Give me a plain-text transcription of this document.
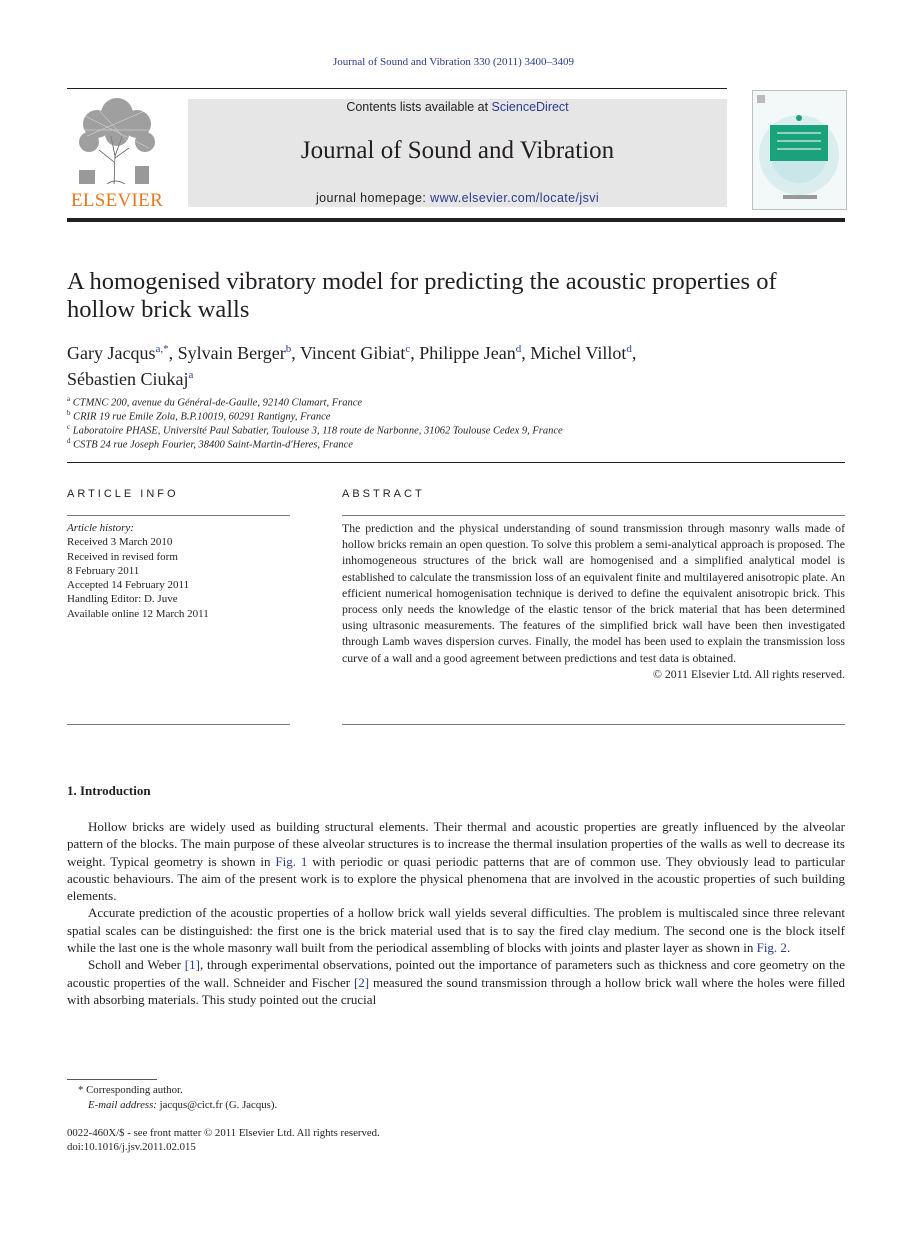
Journal of Sound and Vibration 330 (2011) 3400–3409
ELSEVIER
Contents lists available at ScienceDirect
Journal of Sound and Vibration
journal homepage: www.elsevier.com/locate/jsvi
A homogenised vibratory model for predicting the acoustic properties of hollow brick walls
Gary Jacqus$^{a,*}$, Sylvain Berger$^b$, Vincent Gibiat$^c$, Philippe Jean$^d$, Michel Villot$^d$,
Sébastien Ciukaj$^a$
$^a$ CTMNC 200, avenue du Général-de-Gaulle, 92140 Clamart, France
$^b$ CRIR 19 rue Emile Zola, B.P.10019, 60291 Rantigny, France
$^c$ Laboratoire PHASE, Université Paul Sabatier, Toulouse 3, 118 route de Narbonne, 31062 Toulouse Cedex 9, France
$^d$ CSTB 24 rue Joseph Fourier, 38400 Saint-Martin-d'Heres, France
ARTICLE INFO
Article history:
Received 3 March 2010
Received in revised form
8 February 2011
Accepted 14 February 2011
Handling Editor: D. Juve
Available online 12 March 2011
ABSTRACT
The prediction and the physical understanding of sound transmission through masonry walls made of hollow bricks remain an open question. To solve this problem a semi-analytical approach is proposed. The inhomogeneous structures of the brick wall are homogenised and a simplified analytical model is established to calculate the transmission loss of an equivalent finite and multilayered anisotropic plate. An efficient numerical homogenisation technique is derived to define the equivalent anisotropic brick. This process only needs the knowledge of the elastic tensor of the brick material that has been determined using ultrasonic measurements. The features of the simplified brick wall have been then investigated through Lamb waves dispersion curves. Finally, the model has been used to explain the transmission loss curve of a wall and a good agreement between predictions and test data is obtained.
© 2011 Elsevier Ltd. All rights reserved.
1. Introduction

Hollow bricks are widely used as building structural elements. Their thermal and acoustic properties are greatly influenced by the alveolar pattern of the blocks. The main purpose of these alveolar structures is to increase the thermal insulation properties of the walls as well to decrease its weight. Typical geometry is shown in Fig. 1 with periodic or quasi periodic patterns that are of common use. They obviously lead to particular acoustic behaviours. The aim of the present work is to explore the physical phenomena that are involved in the acoustic properties of such building elements.

Accurate prediction of the acoustic properties of a hollow brick wall yields several difficulties. The problem is multiscaled since three relevant spatial scales can be distinguished: the first one is the brick material used that is to say the fired clay medium. The second one is the block itself while the last one is the whole masonry wall built from the periodical assembling of blocks with joints and plaster layer as shown in Fig. 2.

Scholl and Weber [1], through experimental observations, pointed out the importance of parameters such as thickness and core geometry on the acoustic properties of the wall. Schneider and Fischer [2] measured the sound transmission through a hollow brick wall where the holes were filled with absorbing materials. This study pointed out the crucial

* Corresponding author.
E-mail address: jacqus@cict.fr (G. Jacqus).
0022-460X/$ - see front matter © 2011 Elsevier Ltd. All rights reserved.
doi:10.1016/j.jsv.2011.02.015
